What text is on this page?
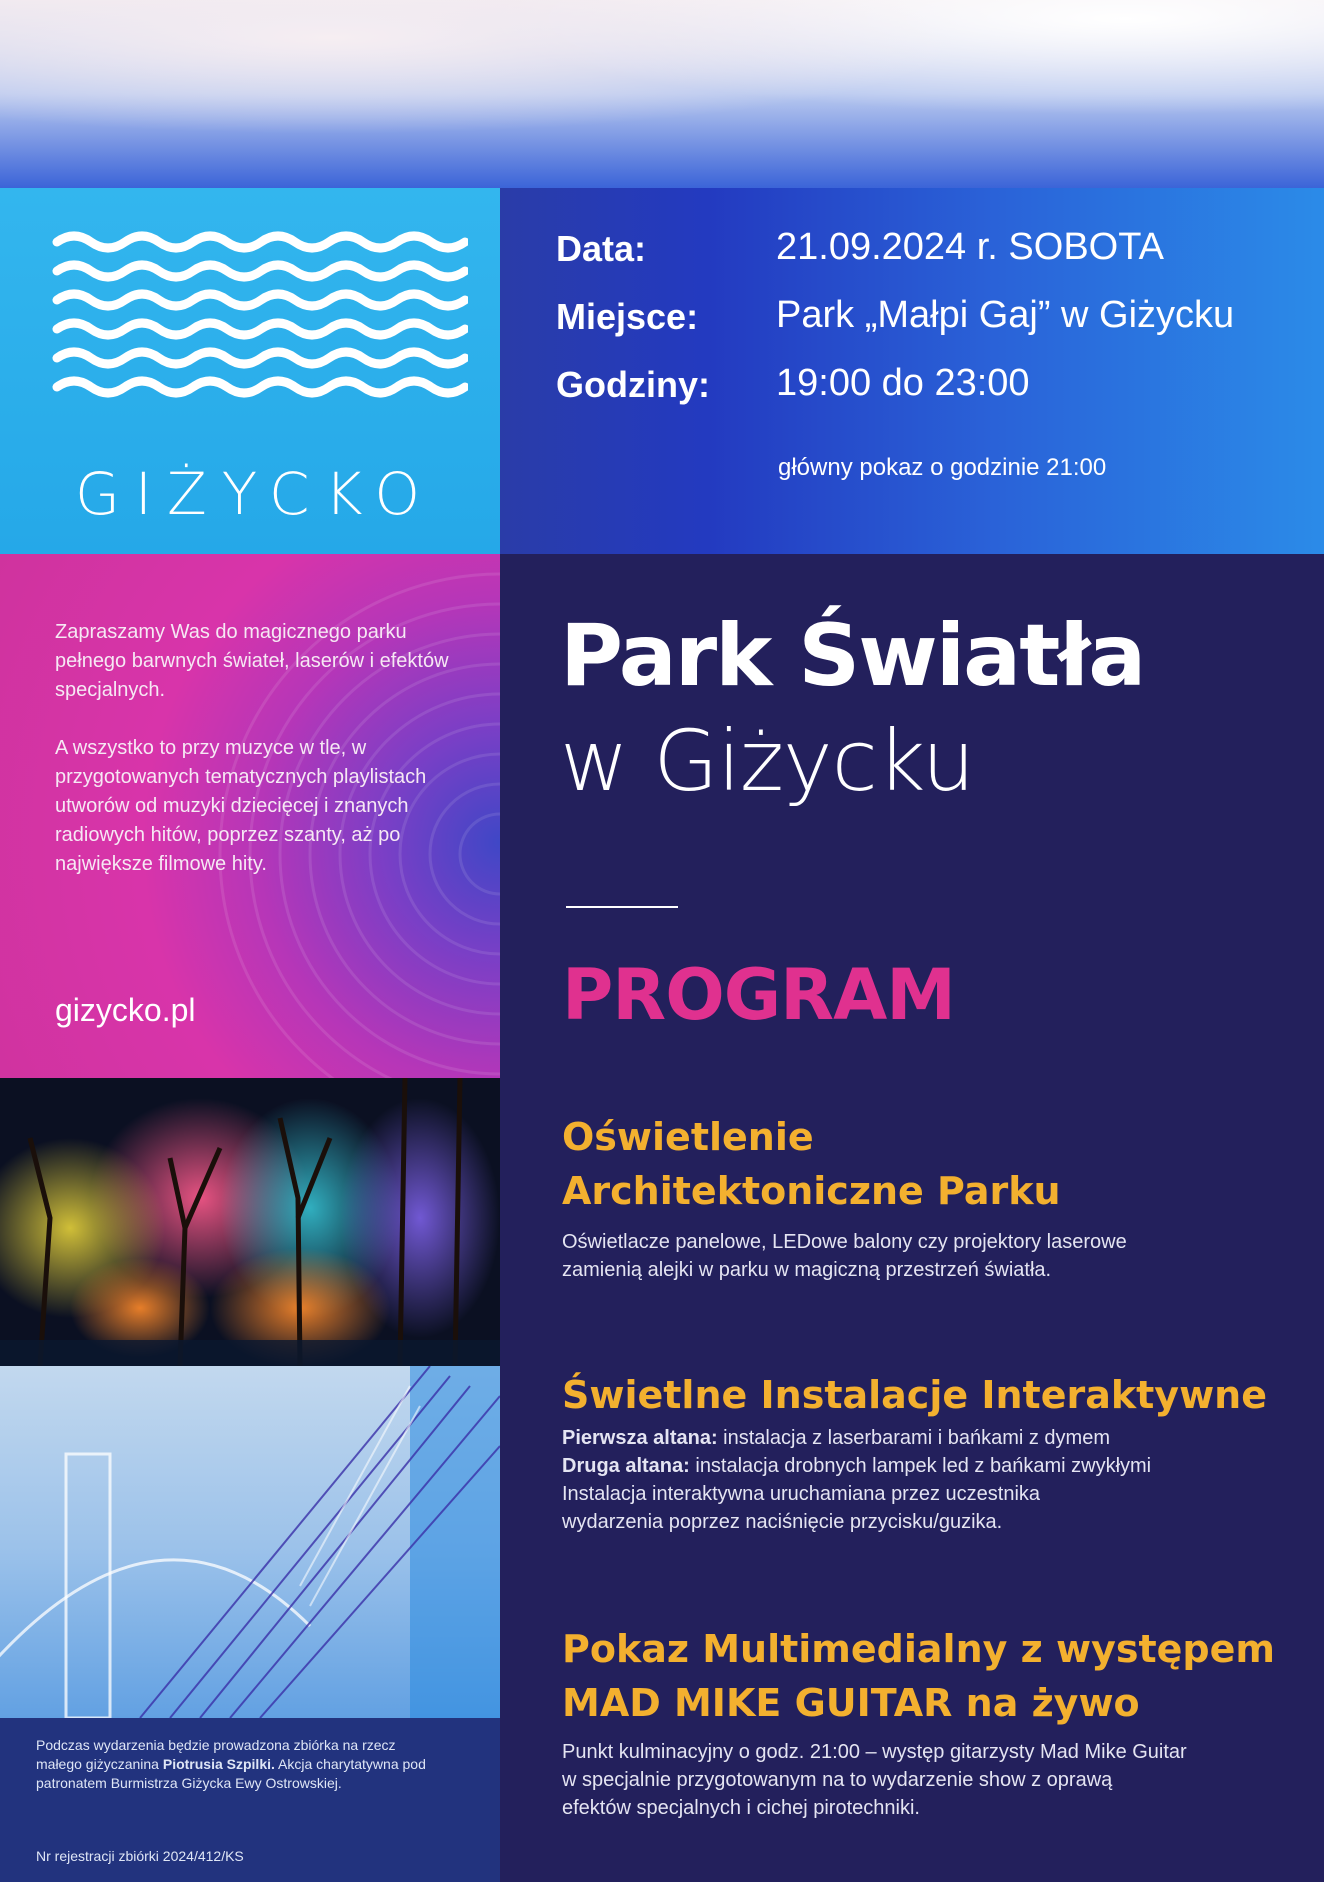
GIŻYCKO
Data:	21.09.2024 r. SOBOTA
Miejsce: Park „Małpi Gaj” w Giżycku
Godziny: 19:00 do 23:00
główny pokaz o godzinie 21:00

Zapraszamy Was do magicznego parku pełnego barwnych świateł, laserów i efektów specjalnych.

A wszystko to przy muzyce w tle, w przygotowanych tematycznych playlistach utworów od muzyki dziecięcej i znanych radiowych hitów, poprzez szanty, aż po największe filmowe hity.

gizycko.pl

Podczas wydarzenia będzie prowadzona zbiórka na rzecz małego giżyczanina Piotrusia Szpilki. Akcja charytatywna pod patronatem Burmistrza Giżycka Ewy Ostrowskiej.

Nr rejestracji zbiórki 2024/412/KS
Park Światła
w Giżycku
PROGRAM
Oświetlenie
Architektoniczne Parku

Oświetlacze panelowe, LEDowe balony czy projektory laserowe

zamienią alejki w parku w magiczną przestrzeń światła.

Świetlne Instalacje Interaktywne

Pierwsza altana: instalacja z laserbarami i bańkami z dymem

Druga altana: instalacja drobnych lampek led z bańkami zwykłymi

Instalacja interaktywna uruchamiana przez uczestnika

wydarzenia poprzez naciśnięcie przycisku/guzika.

Pokaz Multimedialny z występem
MAD MIKE GUITAR na żywo

Punkt kulminacyjny o godz. 21:00 – występ gitarzysty Mad Mike Guitar

w specjalnie przygotowanym na to wydarzenie show z oprawą

efektów specjalnych i cichej pirotechniki.
